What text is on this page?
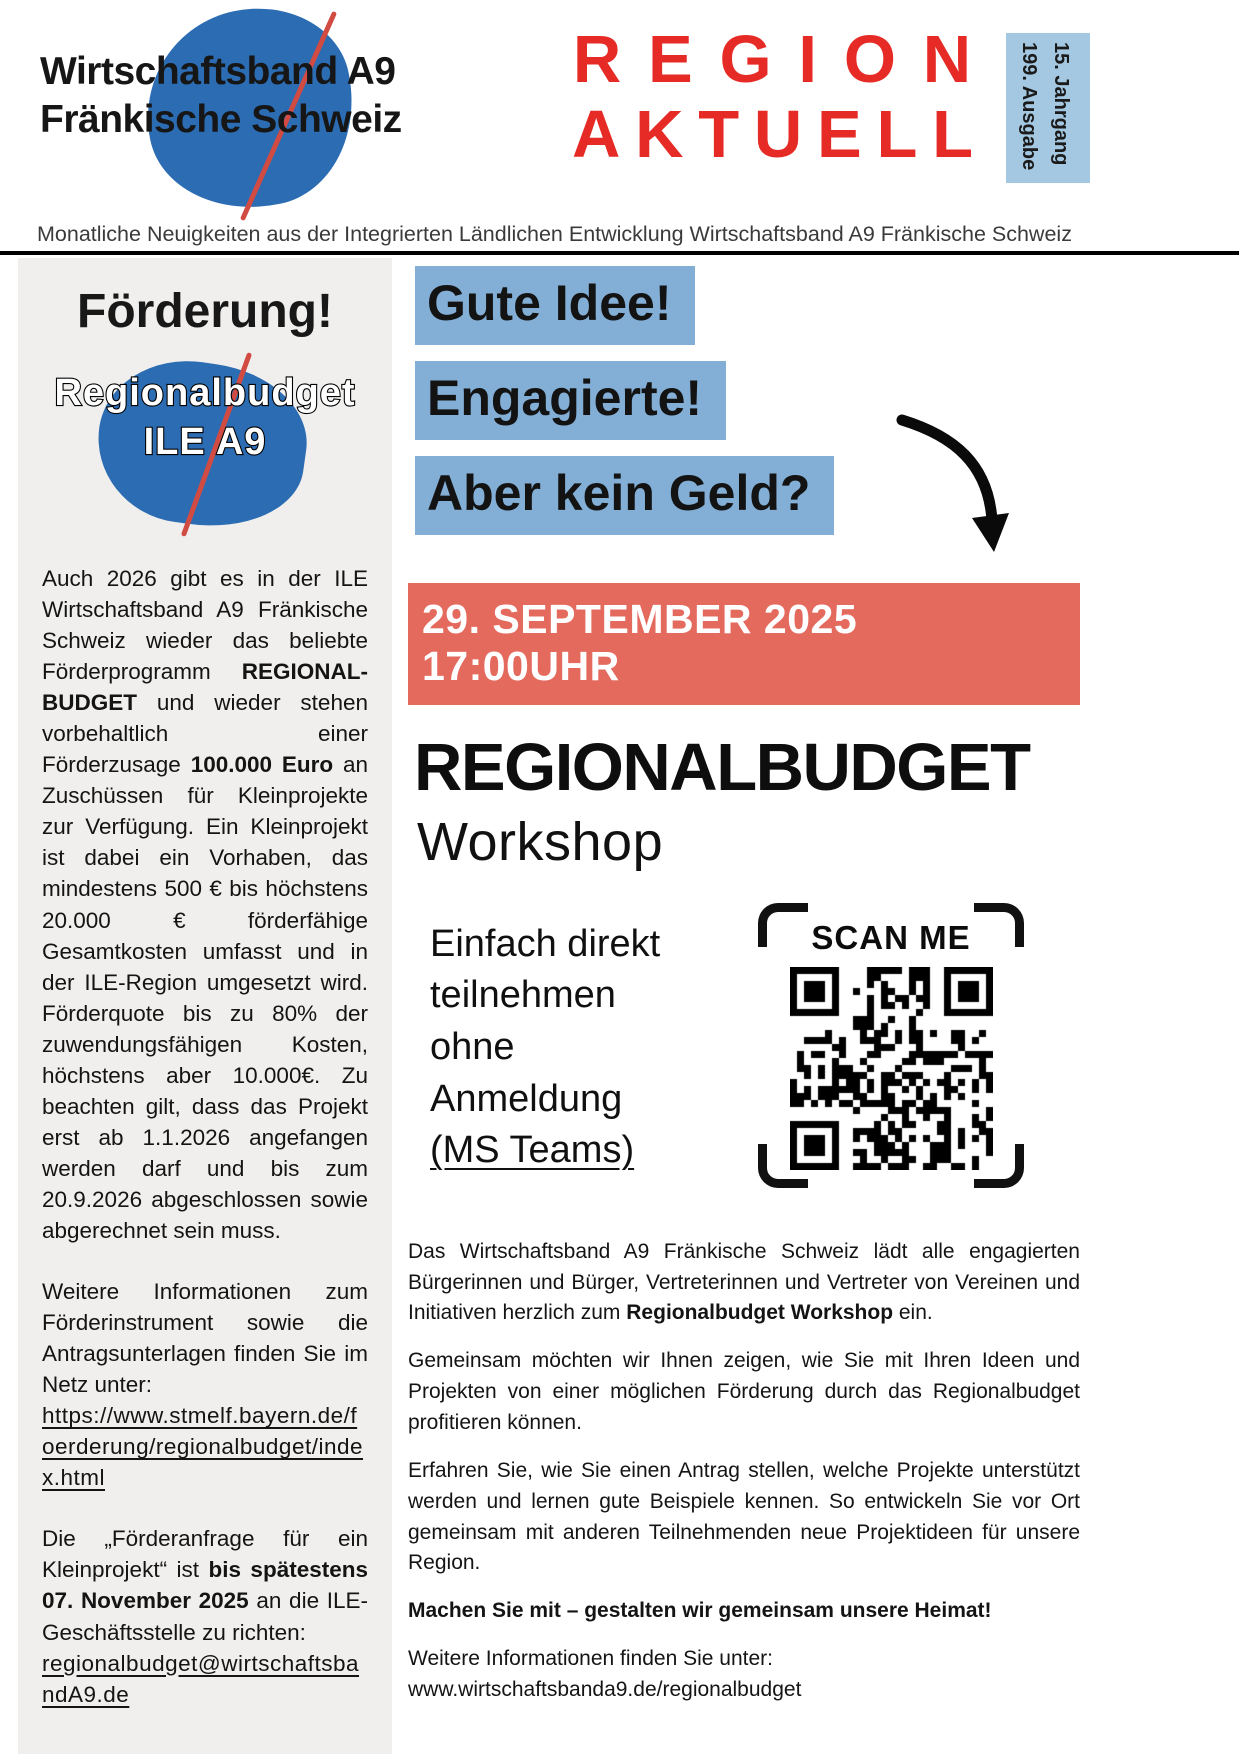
Wirtschaftsband A9
Fränkische Schweiz
REGION
AKTUELL	15. Jahrgang
199. Ausgabe
Monatliche Neuigkeiten aus der Integrierten Ländlichen Entwicklung Wirtschaftsband A9 Fränkische Schweiz
Förderung!
Regionalbudget
ILE A9

Auch 2026 gibt es in der ILE Wirtschaftsband A9 Fränkische Schweiz wieder das beliebte Förderprogramm REGIONAL-BUDGET und wieder stehen vorbehaltlich einer Förderzusage 100.000 Euro an Zuschüssen für Kleinprojekte zur Verfügung. Ein Kleinprojekt ist dabei ein Vorhaben, das mindestens 500 € bis höchstens 20.000 € förderfähige Gesamtkosten umfasst und in der ILE-Region umgesetzt wird. Förderquote bis zu 80% der zuwendungsfähigen Kosten, höchstens aber 10.000€. Zu beachten gilt, dass das Projekt erst ab 1.1.2026 angefangen werden darf und bis zum 20.9.2026 abgeschlossen sowie abgerechnet sein muss.

Weitere Informationen zum Förderinstrument sowie die Antragsunterlagen finden Sie im Netz unter:
https://www.stmelf.bayern.de/foerderung/regionalbudget/index.html

Die „Förderanfrage für ein Kleinprojekt“ ist bis spätestens 07. November 2025 an die ILE-Geschäftsstelle zu richten:
regionalbudget@wirtschaftsbandA9.de

Gute Idee!
Engagierte!
Aber kein Geld?
29. SEPTEMBER 2025 17:00UHR
REGIONALBUDGET
Workshop
Einfach direkt
teilnehmen
ohne
Anmeldung
(MS Teams)
SCAN ME

Das Wirtschaftsband A9 Fränkische Schweiz lädt alle engagierten Bürgerinnen und Bürger, Vertreterinnen und Vertreter von Vereinen und Initiativen herzlich zum Regionalbudget Workshop ein.

Gemeinsam möchten wir Ihnen zeigen, wie Sie mit Ihren Ideen und Projekten von einer möglichen Förderung durch das Regionalbudget profitieren können.

Erfahren Sie, wie Sie einen Antrag stellen, welche Projekte unterstützt werden und lernen gute Beispiele kennen. So entwickeln Sie vor Ort gemeinsam mit anderen Teilnehmenden neue Projektideen für unsere Region.

Machen Sie mit – gestalten wir gemeinsam unsere Heimat!

Weitere Informationen finden Sie unter:
www.wirtschaftsbanda9.de/regionalbudget
